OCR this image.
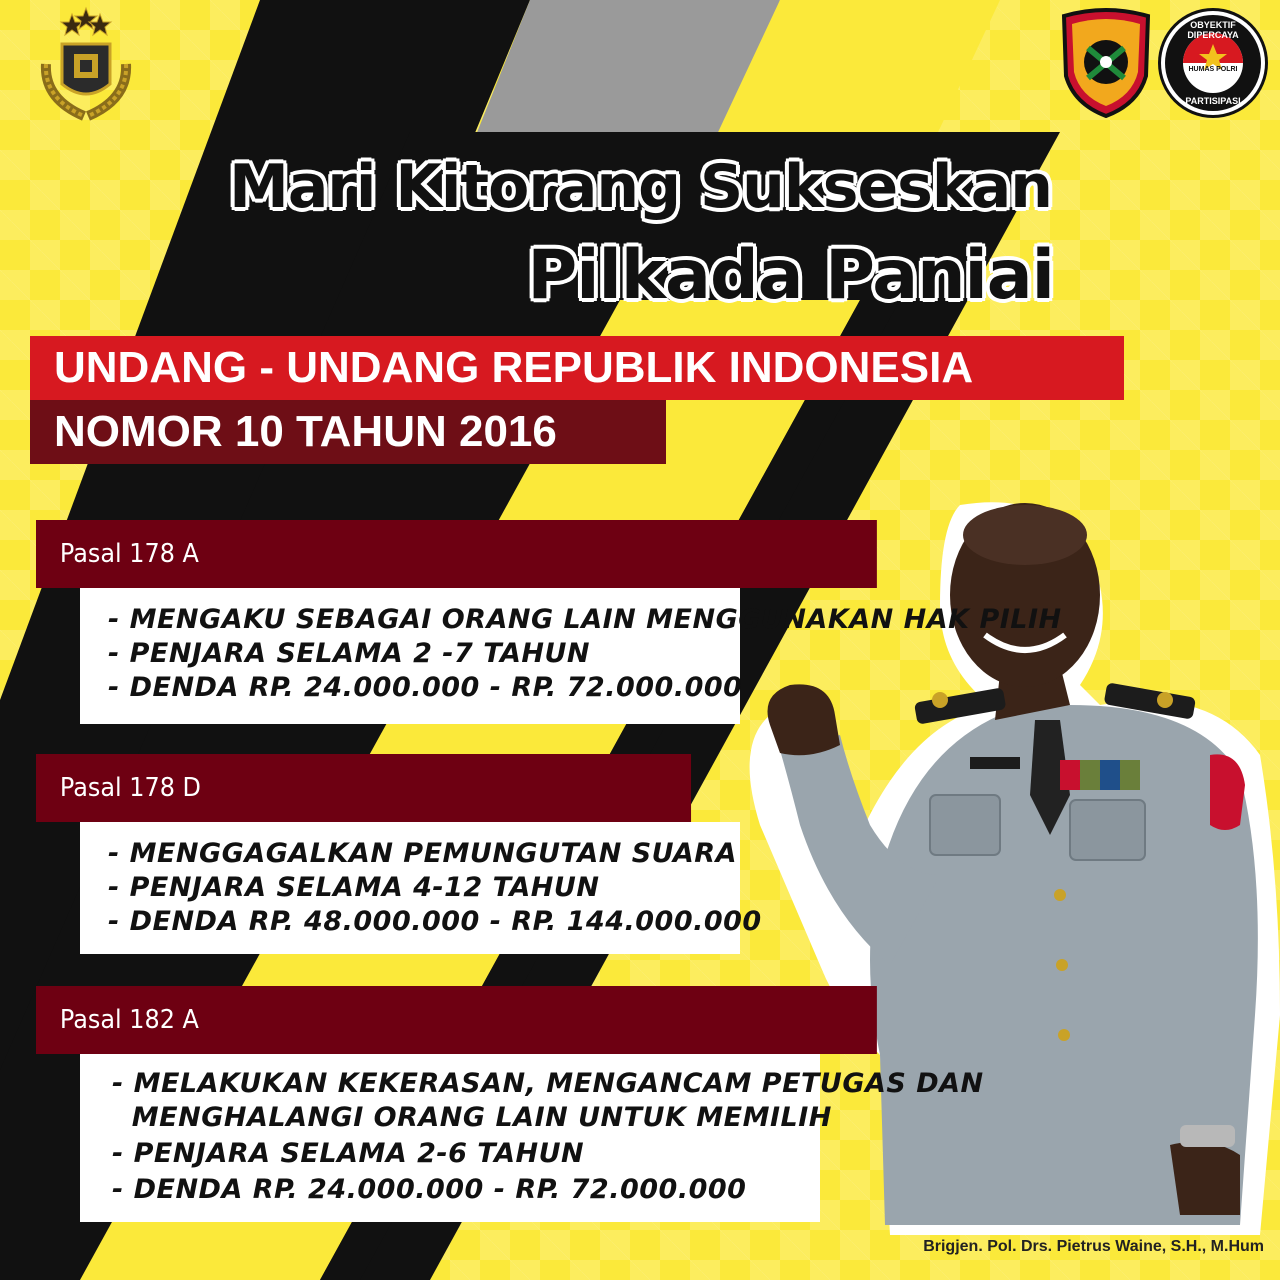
OBYEKTIF DIPERCAYA
HUMAS POLRI
PARTISIPASI
Mari Kitorang Sukseskan
Pilkada Paniai
UNDANG - UNDANG REPUBLIK INDONESIA
NOMOR 10 TAHUN 2016
Pasal 178 A
- MENGAKU SEBAGAI ORANG LAIN MENGGUNAKAN HAK PILIH
- PENJARA SELAMA 2 -7 TAHUN
- DENDA RP. 24.000.000 - RP. 72.000.000
Pasal 178 D
- MENGGAGALKAN PEMUNGUTAN SUARA
- PENJARA SELAMA 4-12 TAHUN
- DENDA RP. 48.000.000 - RP. 144.000.000
Pasal 182 A
- MELAKUKAN KEKERASAN, MENGANCAM PETUGAS DAN
MENGHALANGI ORANG LAIN UNTUK MEMILIH
- PENJARA SELAMA 2-6 TAHUN
- DENDA RP. 24.000.000 - RP. 72.000.000
Brigjen. Pol. Drs. Pietrus Waine, S.H., M.Hum
